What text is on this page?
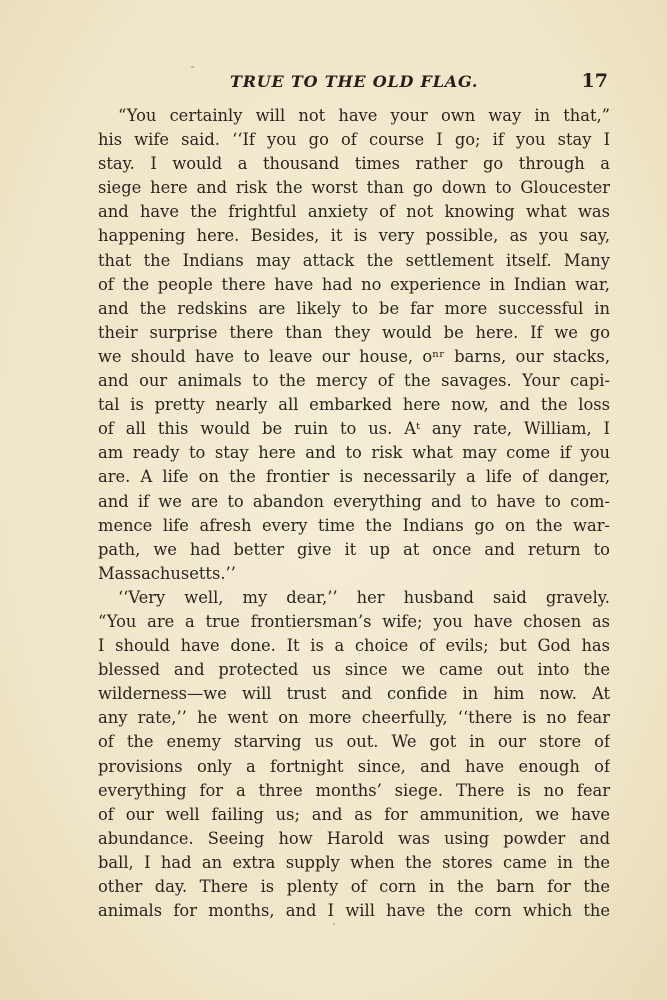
TRUE TO THE OLD FLAG.	17
“You certainly will not have your own way in that,”
his wife said. ‘‘If you go of course I go; if you stay I
stay. I would a thousand times rather go through a
siege here and risk the worst than go down to Gloucester
and have the frightful anxiety of not knowing what was
happening here. Besides, it is very possible, as you say,
that the Indians may attack the settlement itself. Many
of the people there have had no experience in Indian war,
and the redskins are likely to be far more successful in
their surprise there than they would be here. If we go
we should have to leave our house, oⁿʳ barns, our stacks,
and our animals to the mercy of the savages. Your capi-
tal is pretty nearly all embarked here now, and the loss
of all this would be ruin to us. Aᵗ any rate, William, I
am ready to stay here and to risk what may come if you
are. A life on the frontier is necessarily a life of danger,
and if we are to abandon everything and to have to com-
mence life afresh every time the Indians go on the war-
path, we had better give it up at once and return to
Massachusetts.’’
‘‘Very well, my dear,’’ her husband said gravely.
“You are a true frontiersman’s wife; you have chosen as
I should have done. It is a choice of evils; but God has
blessed and protected us since we came out into the
wilderness—we will trust and confide in him now. At
any rate,’’ he went on more cheerfully, ‘‘there is no fear
of the enemy starving us out. We got in our store of
provisions only a fortnight since, and have enough of
everything for a three months’ siege. There is no fear
of our well failing us; and as for ammunition, we have
abundance. Seeing how Harold was using powder and
ball, I had an extra supply when the stores came in the
other day. There is plenty of corn in the barn for the
animals for months, and I will have the corn which the
